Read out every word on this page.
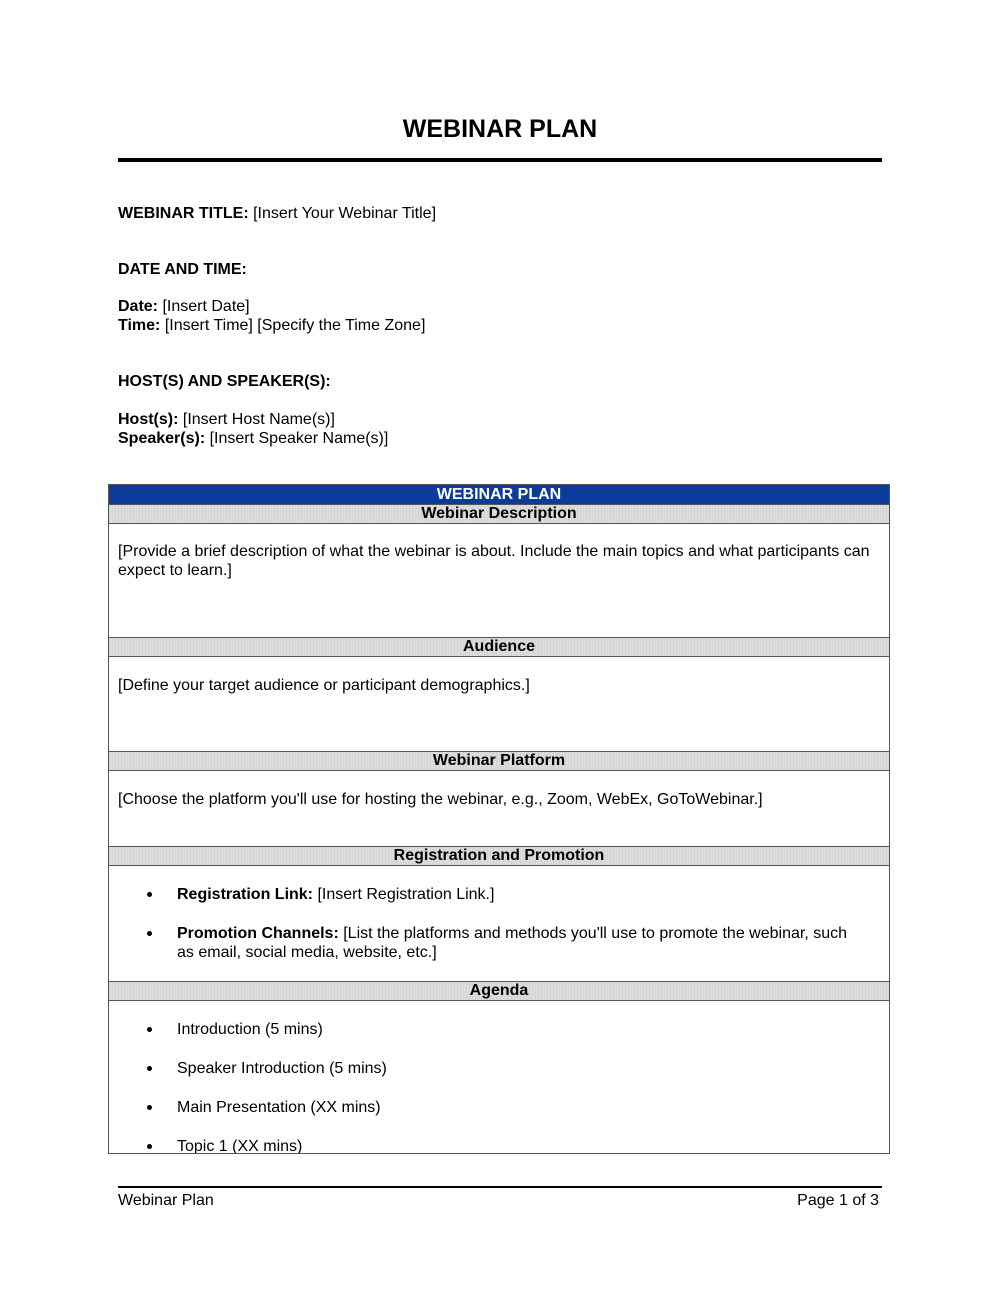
WEBINAR PLAN
WEBINAR TITLE: [Insert Your Webinar Title]
DATE AND TIME:
Date: [Insert Date]
Time: [Insert Time] [Specify the Time Zone]
HOST(S) AND SPEAKER(S):
Host(s): [Insert Host Name(s)]
Speaker(s): [Insert Speaker Name(s)]
WEBINAR PLAN
Webinar Description

[Provide a brief description of what the webinar is about. Include the main topics and what participants can expect to learn.]

Audience

[Define your target audience or participant demographics.]

Webinar Platform

[Choose the platform you'll use for hosting the webinar, e.g., Zoom, WebEx, GoToWebinar.]

Registration and Promotion
Registration Link: [Insert Registration Link.]
Promotion Channels: [List the platforms and methods you'll use to promote the webinar, such as email, social media, website, etc.]
Agenda
Introduction (5 mins)
Speaker Introduction (5 mins)
Main Presentation (XX mins)
Topic 1 (XX mins)
Webinar Plan	Page 1 of 3
